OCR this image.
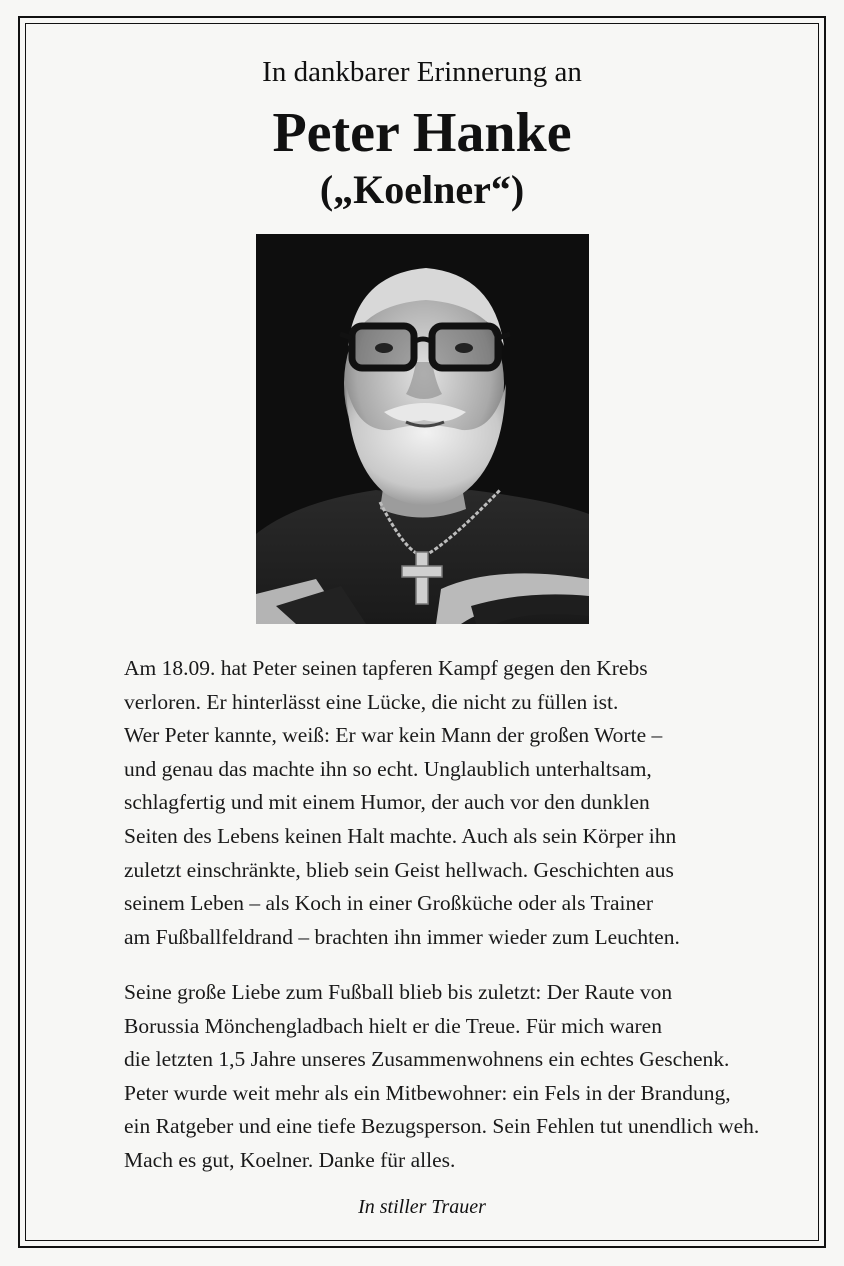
In dankbarer Erinnerung an
Peter Hanke
(„Koelner“)
Am 18.09. hat Peter seinen tapferen Kampf gegen den Krebs
verloren. Er hinterlässt eine Lücke, die nicht zu füllen ist.
Wer Peter kannte, weiß: Er war kein Mann der großen Worte –
und genau das machte ihn so echt. Unglaublich unterhaltsam,
schlagfertig und mit einem Humor, der auch vor den dunklen
Seiten des Lebens keinen Halt machte. Auch als sein Körper ihn
zuletzt einschränkte, blieb sein Geist hellwach. Geschichten aus
seinem Leben – als Koch in einer Großküche oder als Trainer
am Fußballfeldrand – brachten ihn immer wieder zum Leuchten.
Seine große Liebe zum Fußball blieb bis zuletzt: Der Raute von
Borussia Mönchengladbach hielt er die Treue. Für mich waren
die letzten 1,5 Jahre unseres Zusammenwohnens ein echtes Geschenk.
Peter wurde weit mehr als ein Mitbewohner: ein Fels in der Brandung,
ein Ratgeber und eine tiefe Bezugsperson. Sein Fehlen tut unendlich weh.
Mach es gut, Koelner. Danke für alles.
In stiller Trauer
